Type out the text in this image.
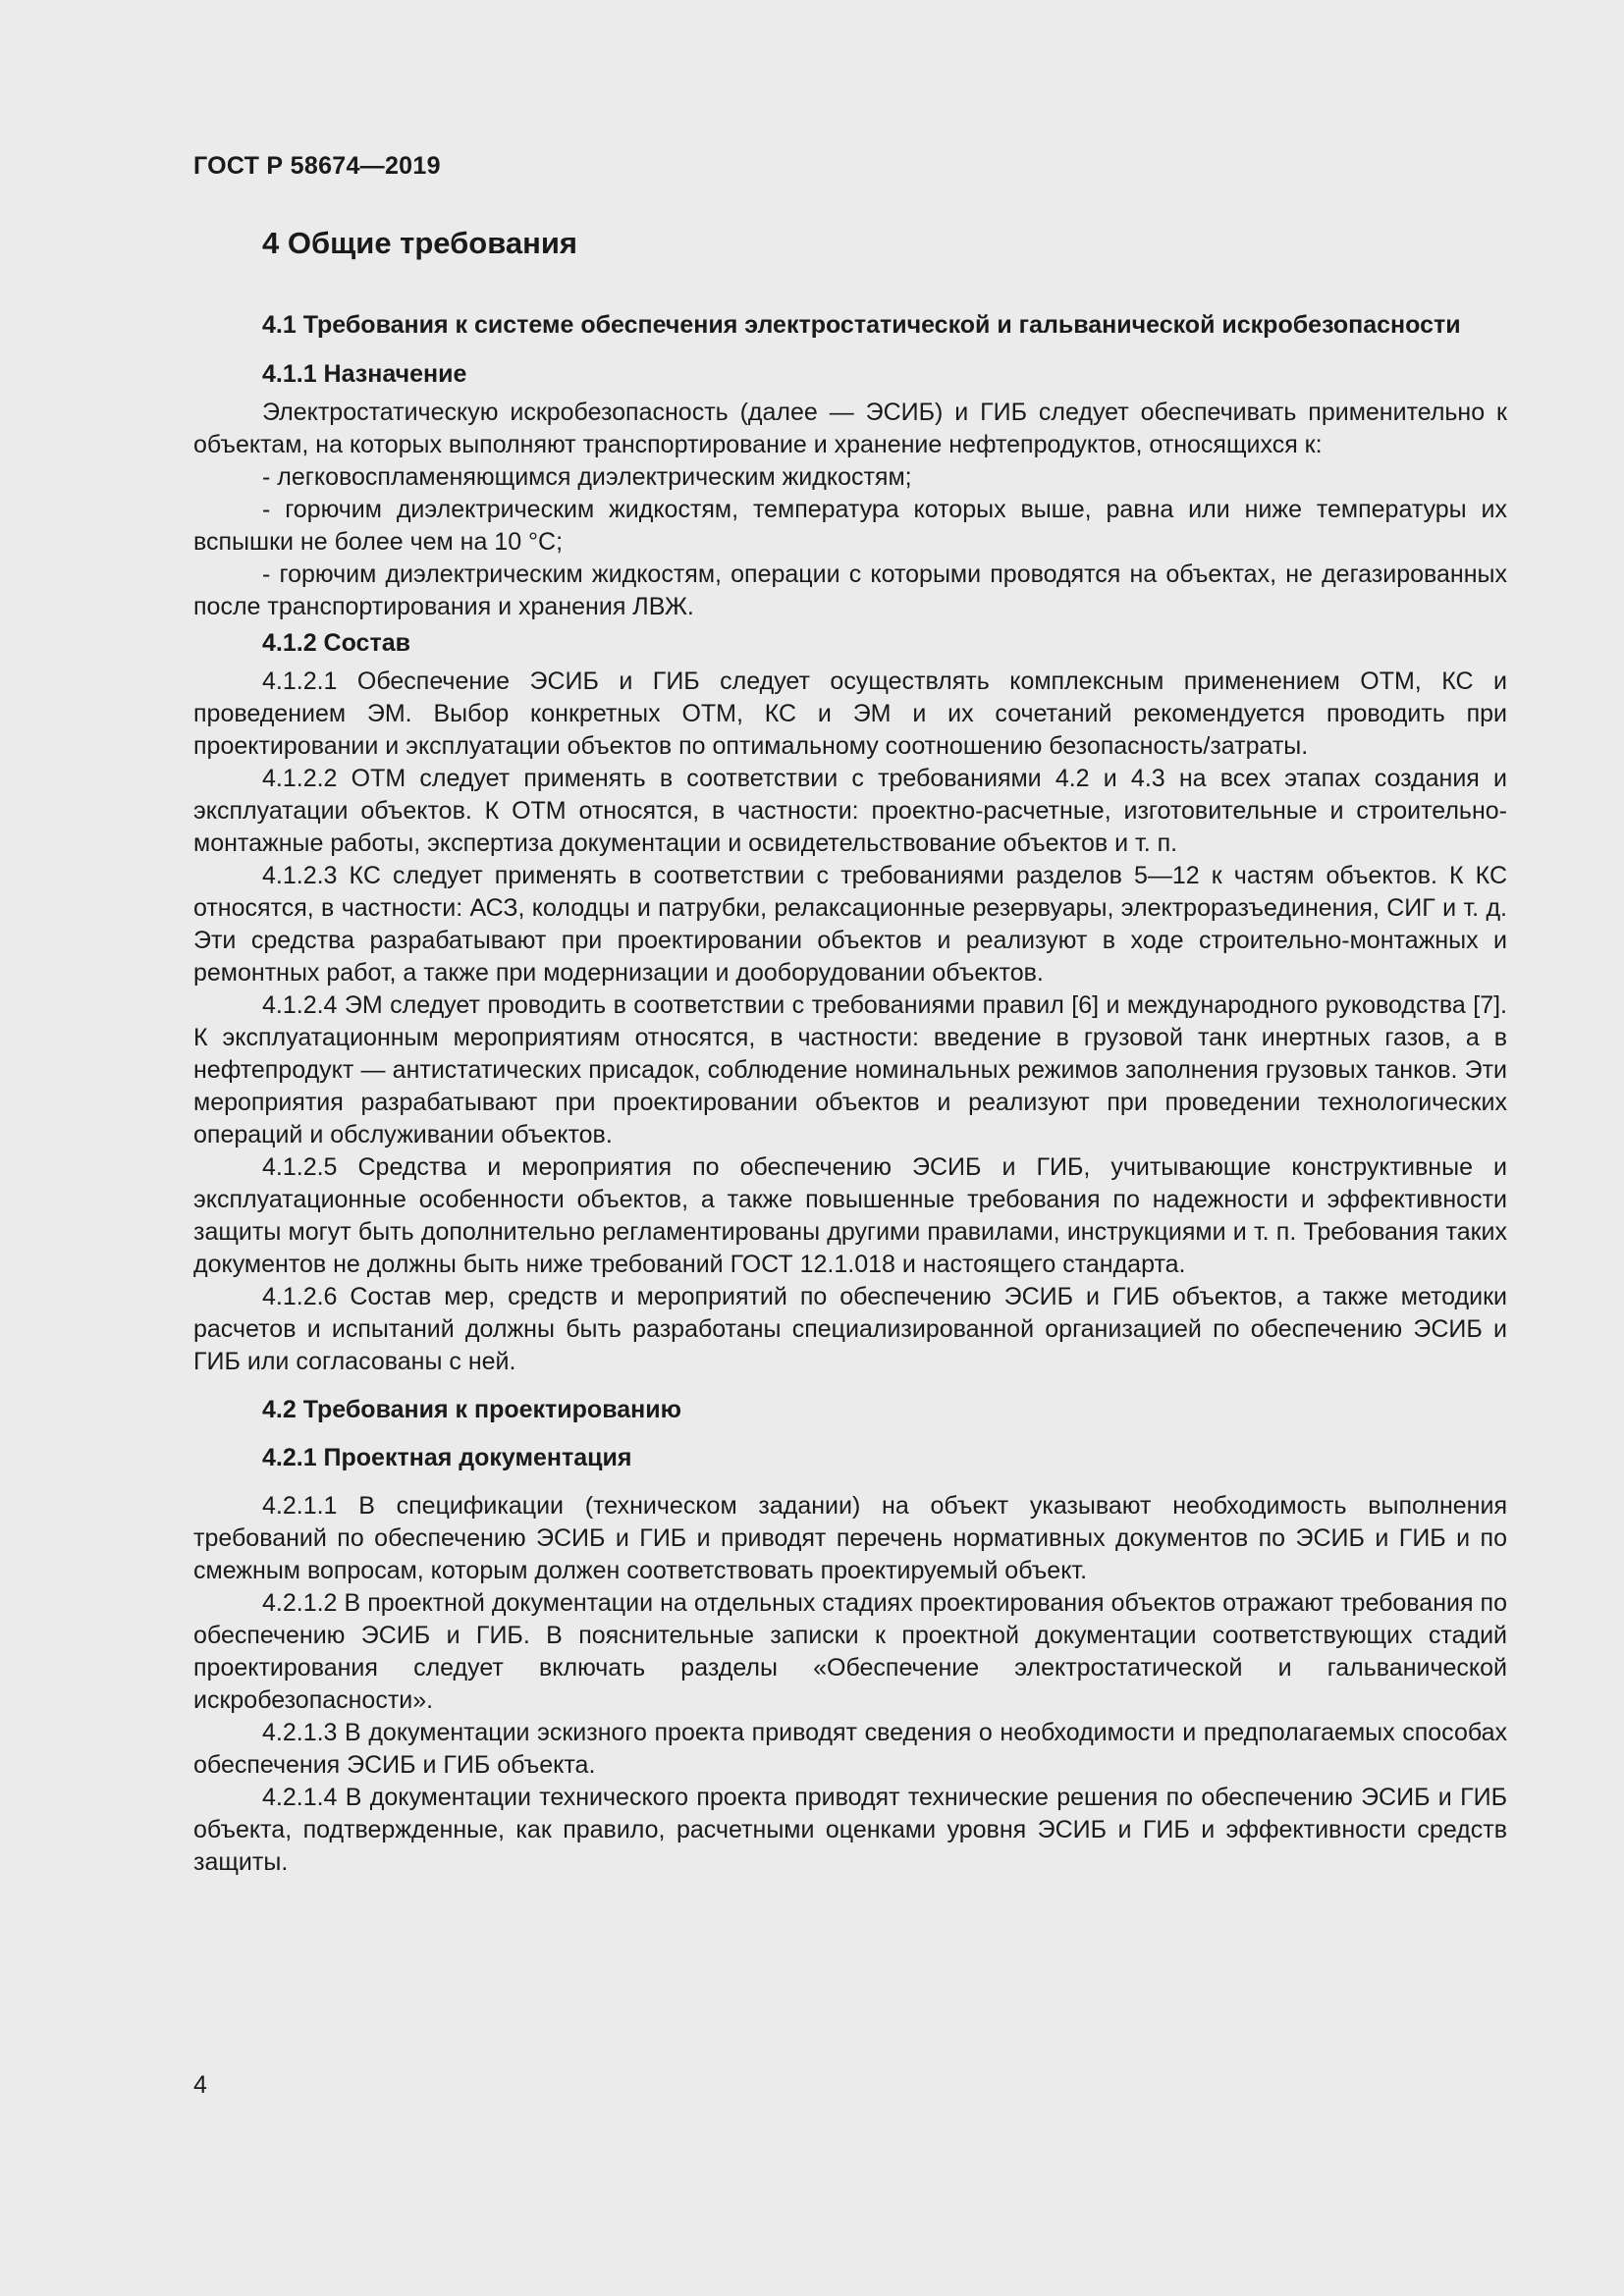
ГОСТ Р 58674—2019
4 Общие требования
4.1 Требования к системе обеспечения электростатической и гальванической искробезопасности
4.1.1 Назначение

Электростатическую искробезопасность (далее — ЭСИБ) и ГИБ следует обеспечивать применительно к объектам, на которых выполняют транспортирование и хранение нефтепродуктов, относящихся к:

- легковоспламеняющимся диэлектрическим жидкостям;

- горючим диэлектрическим жидкостям, температура которых выше, равна или ниже температуры их вспышки не более чем на 10 °С;

- горючим диэлектрическим жидкостям, операции с которыми проводятся на объектах, не дегазированных после транспортирования и хранения ЛВЖ.

4.1.2 Состав

4.1.2.1 Обеспечение ЭСИБ и ГИБ следует осуществлять комплексным применением ОТМ, КС и проведением ЭМ. Выбор конкретных ОТМ, КС и ЭМ и их сочетаний рекомендуется проводить при проектировании и эксплуатации объектов по оптимальному соотношению безопасность/затраты.

4.1.2.2 ОТМ следует применять в соответствии с требованиями 4.2 и 4.3 на всех этапах создания и эксплуатации объектов. К ОТМ относятся, в частности: проектно-расчетные, изготовительные и строительно-монтажные работы, экспертиза документации и освидетельствование объектов и т. п.

4.1.2.3 КС следует применять в соответствии с требованиями разделов 5—12 к частям объектов. К КС относятся, в частности: АСЗ, колодцы и патрубки, релаксационные резервуары, электроразъединения, СИГ и т. д. Эти средства разрабатывают при проектировании объектов и реализуют в ходе строительно-монтажных и ремонтных работ, а также при модернизации и дооборудовании объектов.

4.1.2.4 ЭМ следует проводить в соответствии с требованиями правил [6] и международного руководства [7]. К эксплуатационным мероприятиям относятся, в частности: введение в грузовой танк инертных газов, а в нефтепродукт — антистатических присадок, соблюдение номинальных режимов заполнения грузовых танков. Эти мероприятия разрабатывают при проектировании объектов и реализуют при проведении технологических операций и обслуживании объектов.

4.1.2.5 Средства и мероприятия по обеспечению ЭСИБ и ГИБ, учитывающие конструктивные и эксплуатационные особенности объектов, а также повышенные требования по надежности и эффективности защиты могут быть дополнительно регламентированы другими правилами, инструкциями и т. п. Требования таких документов не должны быть ниже требований ГОСТ 12.1.018 и настоящего стандарта.

4.1.2.6 Состав мер, средств и мероприятий по обеспечению ЭСИБ и ГИБ объектов, а также методики расчетов и испытаний должны быть разработаны специализированной организацией по обеспечению ЭСИБ и ГИБ или согласованы с ней.

4.2 Требования к проектированию
4.2.1 Проектная документация

4.2.1.1 В спецификации (техническом задании) на объект указывают необходимость выполнения требований по обеспечению ЭСИБ и ГИБ и приводят перечень нормативных документов по ЭСИБ и ГИБ и по смежным вопросам, которым должен соответствовать проектируемый объект.

4.2.1.2 В проектной документации на отдельных стадиях проектирования объектов отражают требования по обеспечению ЭСИБ и ГИБ. В пояснительные записки к проектной документации соответствующих стадий проектирования следует включать разделы «Обеспечение электростатической и гальванической искробезопасности».

4.2.1.3 В документации эскизного проекта приводят сведения о необходимости и предполагаемых способах обеспечения ЭСИБ и ГИБ объекта.

4.2.1.4 В документации технического проекта приводят технические решения по обеспечению ЭСИБ и ГИБ объекта, подтвержденные, как правило, расчетными оценками уровня ЭСИБ и ГИБ и эффективности средств защиты.

4
